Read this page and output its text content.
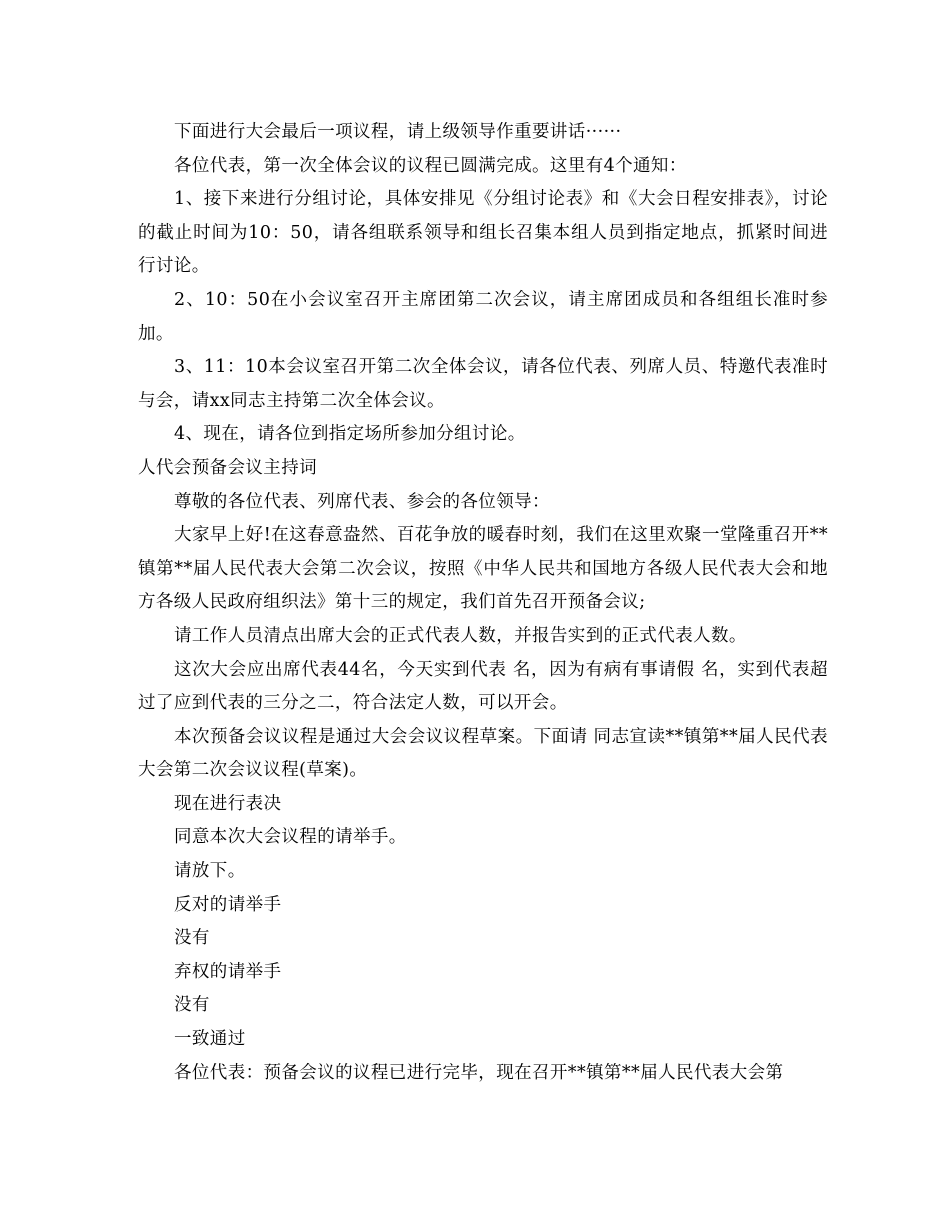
下面进行大会最后一项议程，请上级领导作重要讲话······

各位代表，第一次全体会议的议程已圆满完成。这里有4个通知：

1、接下来进行分组讨论，具体安排见《分组讨论表》和《大会日程安排表》，讨论的截止时间为10：50，请各组联系领导和组长召集本组人员到指定地点，抓紧时间进行讨论。

2、10：50在小会议室召开主席团第二次会议，请主席团成员和各组组长准时参加。

3、11：10本会议室召开第二次全体会议，请各位代表、列席人员、特邀代表准时与会，请xx同志主持第二次全体会议。

4、现在，请各位到指定场所参加分组讨论。

人代会预备会议主持词

尊敬的各位代表、列席代表、参会的各位领导：

大家早上好!在这春意盎然、百花争放的暖春时刻，我们在这里欢聚一堂隆重召开**镇第**届人民代表大会第二次会议，按照《中华人民共和国地方各级人民代表大会和地方各级人民政府组织法》第十三的规定，我们首先召开预备会议;

请工作人员清点出席大会的正式代表人数，并报告实到的正式代表人数。

这次大会应出席代表44名，今天实到代表 名，因为有病有事请假 名，实到代表超过了应到代表的三分之二，符合法定人数，可以开会。

本次预备会议议程是通过大会会议议程草案。下面请 同志宣读**镇第**届人民代表大会第二次会议议程(草案)。

现在进行表决

同意本次大会议程的请举手。

请放下。

反对的请举手

没有

弃权的请举手

没有

一致通过

各位代表：预备会议的议程已进行完毕，现在召开**镇第**届人民代表大会第
